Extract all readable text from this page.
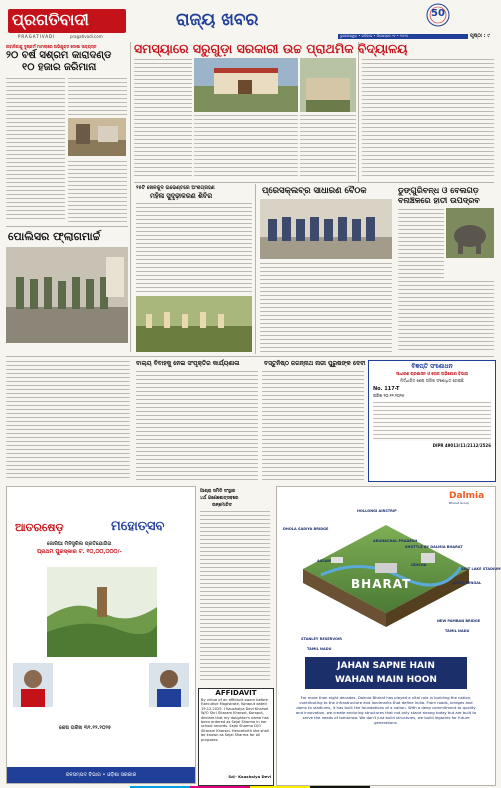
ପ୍ରଗତିବାଦୀ
PRAGATIVADI	pragativadi.com
ରାଜ୍ୟ ଖବର	50
ଭୁବନେଶ୍ୱର • ରବିବାର • ଡିସେମ୍ବର ୨୧ • ୨୦୨୫	ପୃଷ୍ଠା : ୯
ନାବାଳିକାକୁ ଦୁଷ୍କର୍ମ ମାମଲାରେ ଅଭିଯୁକ୍ତ ଦୋଷୀ ସାବ୍ୟସ୍ତ
୨୦ ବର୍ଷ ସଶ୍ରମ କାରାଦଣ୍ଡ
୧୦ ହଜାର ଜରିମାନା
ସମସ୍ୟାରେ ସରୁଗୁଡ଼ା ସରକାରୀ ଉଚ୍ଚ ପ୍ରାଥମିକ ବିଦ୍ୟାଳୟ
ପୋଲିସର ଫ୍ଲାଗମାର୍ଚ୍ଚ
୨୫ଟି ଖେଳକୁଦ ଇଭେଣ୍ଟରେ ଅଂଶଗ୍ରହଣ
ମହିଳା ସୁଦୃଢ଼ୀକରଣ ଶିବିର	ପ୍ରେସକ୍ଲବ୍‌ର ସାଧାରଣ ବୈଠକ	ଡୁଙ୍ଗୁରିବନ୍ଧ ଓ ବେଲଗଡ଼
ବନାଞ୍ଚଳରେ ହାତୀ ଉପଦ୍ରବ
ବାଲ୍ୟ ବିବାହକୁ ନେଇ ସଂପୃକ୍ତିର କାର୍ଯ୍ୟଶାଳା	ବସ୍ତୁନିଷ୍ଠ ଜଗନ୍ନାଥ ନାରୀ ପୁରୁଷଙ୍କ ଦେବୀ	ବିଜ୍ଞପ୍ତି ସଂଶୋଧନ
ସାଧାରଣ ପ୍ରଶାସନ ଓ ଲୋକ ଅଭିଯୋଗ ବିଭାଗ
ନିର୍ଦ୍ଧାରିତ ଶେଷ ତାରିଖ ସଂଶୋଧିତ ହୋଇଛି
No. 117-T
ତାରିଖ ୨୦.୧୨.୨୦୨୫
DIPR 49013/11/2112/2526
ଆତରଷେଡ଼	ମହୋତ୍ସବ
ଜୋରିଆ ମିନିସ୍ଟ୍ରିଲ ପ୍ରତିଯୋଗିତା
ପ୍ରଥମ ପୁରସ୍କାର ଟ. ୧୦,୦୦,୦୦୦/-
ଶେଷ ତାରିଖ ୩୧.୧୨.୨୦୨୫
ଜଳସମ୍ପଦ ବିଭାଗ • ଓଡ଼ିଶା ସରକାର
ଆଶ୍ରା ସମିତି ସଂସ୍ଥାର
୪ର୍ଥ ଗଣେଶୋତ୍ସବରେ
ଉନ୍ମୋଚିତ
AFFIDAVIT
By virtue of an affidavit sworn before Executive Magistrate, Koraput dated 19.12.2025. I Kaushalya Devi Kharsel W/O Shri Sitaram Kharsel, Koraput, declare that my daughter's name has been entered as Sejal Sharma in her school records. Sejal Sharma D/O Sitaram Kharsel. Henceforth she shall be known as Sejal Sharma for all purposes.
Sd/- Kaushalya Devi
Dalmia
Bharat Group
BHARAT
DHOLA SADIYA BRIDGE
HOLLONGI AIRSTRIP
ARUNACHAL PRADESH
SHUTTLE BY DALMIA BHARAT
ASSAM
ODISHA
SALT LAKE STADIUM
WEST BENGAL
STANLEY RESERVOIR
TAMIL NADU
NEW PAMBAN BRIDGE
TAMIL NADU
JAHAN SAPNE HAIN
WAHAN MAIN HOON
For more than eight decades, Dalmia Bharat has played a vital role in building the nation, contributing to the infrastructure and landmarks that define India. From roads, bridges and dams to stadiums, it has built the foundations of a nation. With a deep commitment to quality and innovation, we create enduring structures that not only stand strong today but are built to serve the needs of tomorrow. We don't just build structures, we build legacies for future generations.
